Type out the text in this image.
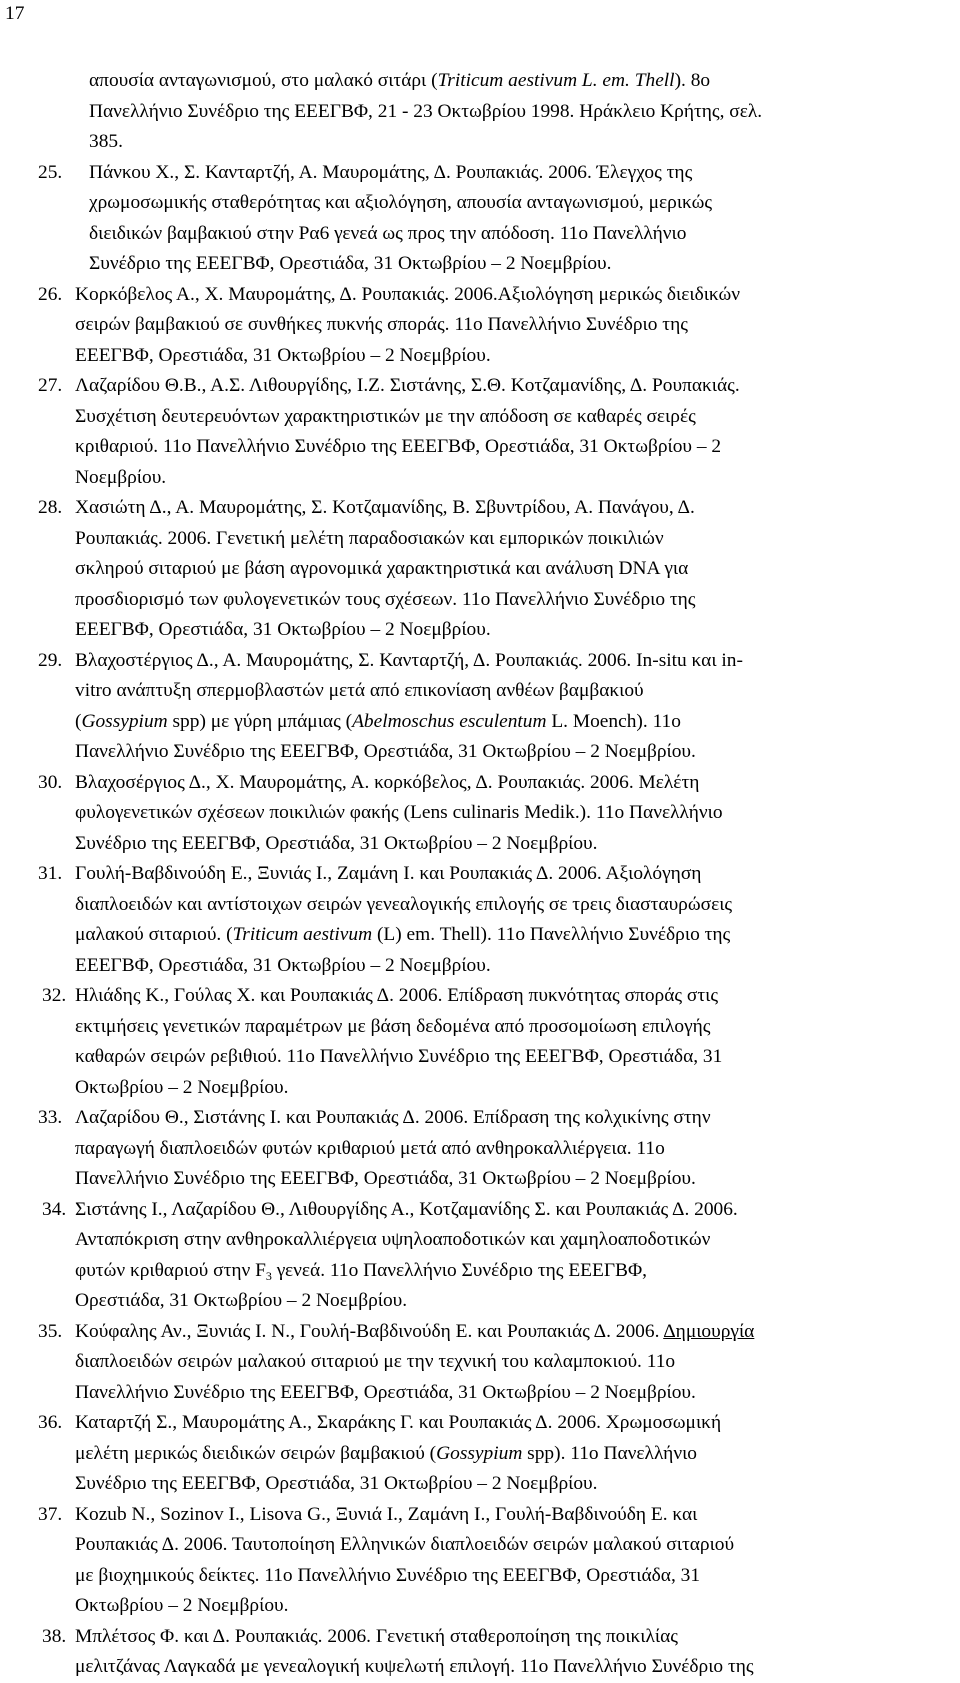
17
απουσία ανταγωνισμού, στο μαλακό σιτάρι (Triticum aestivum L. em. Thell). 8ο
Πανελλήνιο Συνέδριο της ΕΕΕΓΒΦ, 21 - 23 Οκτωβρίου 1998. Ηράκλειο Κρήτης, σελ.
385.
25. Πάνκου Χ., Σ. Κανταρτζή, Α. Μαυρομάτης, Δ. Ρουπακιάς. 2006. Έλεγχος της
χρωμοσωμικής σταθερότητας και αξιολόγηση, απουσία ανταγωνισμού, μερικώς
διειδικών βαμβακιού στην Ρα6 γενεά ως προς την απόδοση. 11ο Πανελλήνιο
Συνέδριο της ΕΕΕΓΒΦ, Ορεστιάδα, 31 Οκτωβρίου – 2 Νοεμβρίου.
26. Κορκόβελος Α., Χ. Μαυρομάτης, Δ. Ρουπακιάς. 2006.Αξιολόγηση μερικώς διειδικών
σειρών βαμβακιού σε συνθήκες πυκνής σποράς. 11ο Πανελλήνιο Συνέδριο της
ΕΕΕΓΒΦ, Ορεστιάδα, 31 Οκτωβρίου – 2 Νοεμβρίου.
27. Λαζαρίδου Θ.Β., Α.Σ. Λιθουργίδης, Ι.Ζ. Σιστάνης, Σ.Θ. Κοτζαμανίδης, Δ. Ρουπακιάς.
Συσχέτιση δευτερευόντων χαρακτηριστικών με την απόδοση σε καθαρές σειρές
κριθαριού. 11ο Πανελλήνιο Συνέδριο της ΕΕΕΓΒΦ, Ορεστιάδα, 31 Οκτωβρίου – 2
Νοεμβρίου.
28. Χασιώτη Δ., Α. Μαυρομάτης, Σ. Κοτζαμανίδης, Β. Σβυντρίδου, Α. Πανάγου, Δ.
Ρουπακιάς. 2006. Γενετική μελέτη παραδοσιακών και εμπορικών ποικιλιών
σκληρού σιταριού με βάση αγρονομικά χαρακτηριστικά και ανάλυση DNA για
προσδιορισμό των φυλογενετικών τους σχέσεων. 11ο Πανελλήνιο Συνέδριο της
ΕΕΕΓΒΦ, Ορεστιάδα, 31 Οκτωβρίου – 2 Νοεμβρίου.
29. Βλαχοστέργιος Δ., Α. Μαυρομάτης, Σ. Κανταρτζή, Δ. Ρουπακιάς. 2006. In-situ και in-
vitro ανάπτυξη σπερμοβλαστών μετά από επικονίαση ανθέων βαμβακιού
(Gossypium spp) με γύρη μπάμιας (Abelmoschus esculentum L. Moench). 11ο
Πανελλήνιο Συνέδριο της ΕΕΕΓΒΦ, Ορεστιάδα, 31 Οκτωβρίου – 2 Νοεμβρίου.
30. Βλαχοσέργιος Δ., Χ. Μαυρομάτης, Α. κορκόβελος, Δ. Ρουπακιάς. 2006. Μελέτη
φυλογενετικών σχέσεων ποικιλιών φακής (Lens culinaris Medik.). 11ο Πανελλήνιο
Συνέδριο της ΕΕΕΓΒΦ, Ορεστιάδα, 31 Οκτωβρίου – 2 Νοεμβρίου.
31. Γουλή-Βαβδινούδη Ε., Ξυνιάς Ι., Ζαμάνη Ι. και Ρουπακιάς Δ. 2006. Αξιολόγηση
διαπλοειδών και αντίστοιχων σειρών γενεαλογικής επιλογής σε τρεις διασταυρώσεις
μαλακού σιταριού. (Triticum aestivum (L) em. Thell). 11ο Πανελλήνιο Συνέδριο της
ΕΕΕΓΒΦ, Ορεστιάδα, 31 Οκτωβρίου – 2 Νοεμβρίου.
32. Ηλιάδης Κ., Γούλας Χ. και Ρουπακιάς Δ. 2006. Επίδραση πυκνότητας σποράς στις
εκτιμήσεις γενετικών παραμέτρων με βάση δεδομένα από προσομοίωση επιλογής
καθαρών σειρών ρεβιθιού. 11ο Πανελλήνιο Συνέδριο της ΕΕΕΓΒΦ, Ορεστιάδα, 31
Οκτωβρίου – 2 Νοεμβρίου.
33. Λαζαρίδου Θ., Σιστάνης Ι. και Ρουπακιάς Δ. 2006. Επίδραση της κολχικίνης στην
παραγωγή διαπλοειδών φυτών κριθαριού μετά από ανθηροκαλλιέργεια. 11ο
Πανελλήνιο Συνέδριο της ΕΕΕΓΒΦ, Ορεστιάδα, 31 Οκτωβρίου – 2 Νοεμβρίου.
34. Σιστάνης Ι., Λαζαρίδου Θ., Λιθουργίδης Α., Κοτζαμανίδης Σ. και Ρουπακιάς Δ. 2006.
Ανταπόκριση στην ανθηροκαλλιέργεια υψηλοαποδοτικών και χαμηλοαποδοτικών
φυτών κριθαριού στην $F_3$ γενεά. 11ο Πανελλήνιο Συνέδριο της ΕΕΕΓΒΦ,
Ορεστιάδα, 31 Οκτωβρίου – 2 Νοεμβρίου.
35. Κούφαλης Αν., Ξυνιάς Ι. Ν., Γουλή-Βαβδινούδη Ε. και Ρουπακιάς Δ. 2006. Δημιουργία
διαπλοειδών σειρών μαλακού σιταριού με την τεχνική του καλαμποκιού. 11ο
Πανελλήνιο Συνέδριο της ΕΕΕΓΒΦ, Ορεστιάδα, 31 Οκτωβρίου – 2 Νοεμβρίου.
36. Καταρτζή Σ., Μαυρομάτης Α., Σκαράκης Γ. και Ρουπακιάς Δ. 2006. Χρωμοσωμική
μελέτη μερικώς διειδικών σειρών βαμβακιού (Gossypium spp). 11ο Πανελλήνιο
Συνέδριο της ΕΕΕΓΒΦ, Ορεστιάδα, 31 Οκτωβρίου – 2 Νοεμβρίου.
37. Kozub N., Sozinov I., Lisova G., Ξυνιά Ι., Ζαμάνη Ι., Γουλή-Βαβδινούδη Ε. και
Ρουπακιάς Δ. 2006. Ταυτοποίηση Ελληνικών διαπλοειδών σειρών μαλακού σιταριού
με βιοχημικούς δείκτες. 11ο Πανελλήνιο Συνέδριο της ΕΕΕΓΒΦ, Ορεστιάδα, 31
Οκτωβρίου – 2 Νοεμβρίου.
38. Μπλέτσος Φ. και Δ. Ρουπακιάς. 2006. Γενετική σταθεροποίηση της ποικιλίας
μελιτζάνας Λαγκαδά με γενεαλογική κυψελωτή επιλογή. 11ο Πανελλήνιο Συνέδριο της
